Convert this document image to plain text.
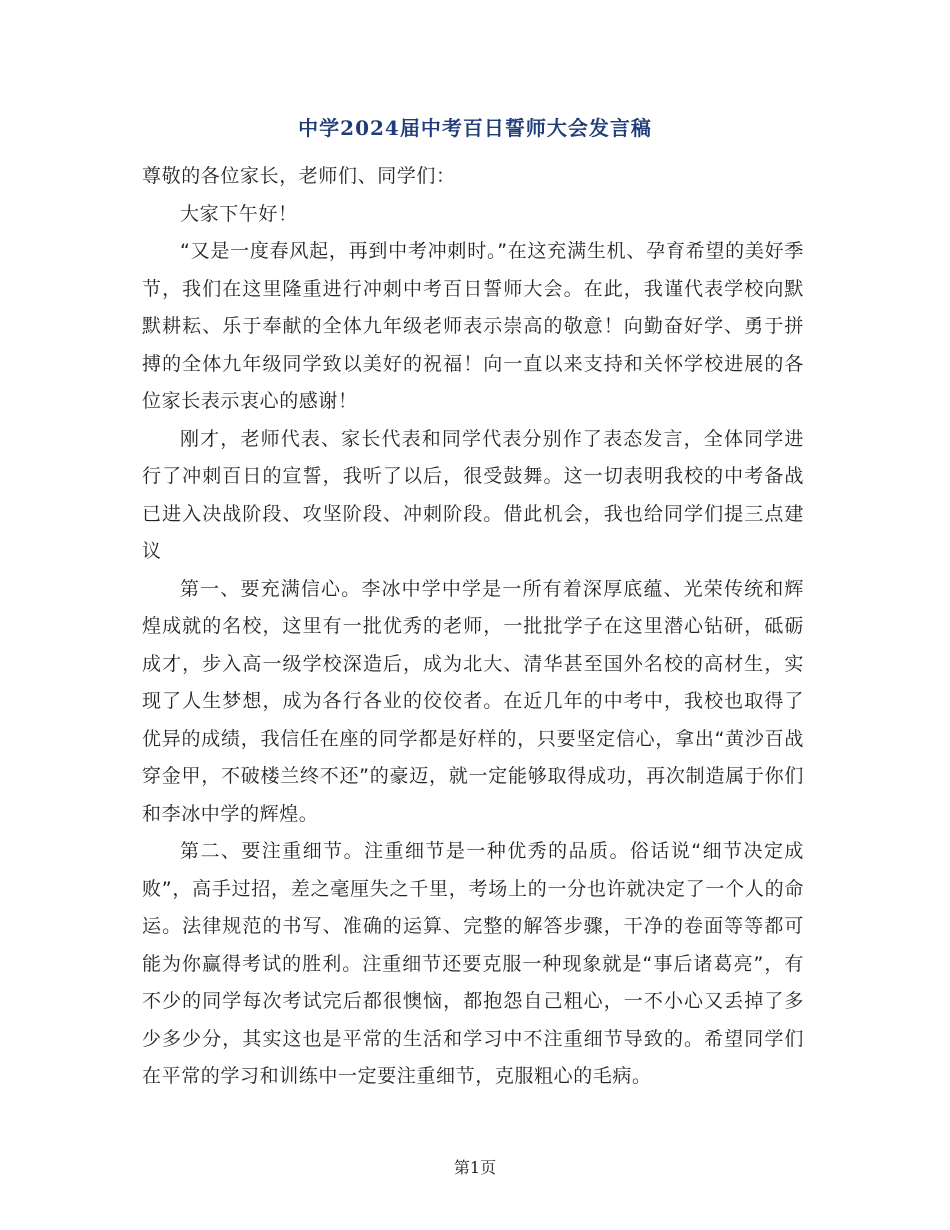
中学2024届中考百日誓师大会发言稿

尊敬的各位家长，老师们、同学们：

大家下午好！

“又是一度春风起，再到中考冲刺时。”在这充满生机、孕育希望的美好季节，我们在这里隆重进行冲刺中考百日誓师大会。在此，我谨代表学校向默默耕耘、乐于奉献的全体九年级老师表示崇高的敬意！向勤奋好学、勇于拼搏的全体九年级同学致以美好的祝福！向一直以来支持和关怀学校进展的各位家长表示衷心的感谢！

刚才，老师代表、家长代表和同学代表分别作了表态发言，全体同学进行了冲刺百日的宣誓，我听了以后，很受鼓舞。这一切表明我校的中考备战已进入决战阶段、攻坚阶段、冲刺阶段。借此机会，我也给同学们提三点建议

第一、要充满信心。李冰中学中学是一所有着深厚底蕴、光荣传统和辉煌成就的名校，这里有一批优秀的老师，一批批学子在这里潜心钻研，砥砺成才，步入高一级学校深造后，成为北大、清华甚至国外名校的高材生，实现了人生梦想，成为各行各业的佼佼者。在近几年的中考中，我校也取得了优异的成绩，我信任在座的同学都是好样的，只要坚定信心，拿出“黄沙百战穿金甲，不破楼兰终不还”的豪迈，就一定能够取得成功，再次制造属于你们和李冰中学的辉煌。

第二、要注重细节。注重细节是一种优秀的品质。俗话说“细节决定成败”，高手过招，差之毫厘失之千里，考场上的一分也许就决定了一个人的命运。法律规范的书写、准确的运算、完整的解答步骤，干净的卷面等等都可能为你赢得考试的胜利。注重细节还要克服一种现象就是“事后诸葛亮”，有不少的同学每次考试完后都很懊恼，都抱怨自己粗心，一不小心又丢掉了多少多少分，其实这也是平常的生活和学习中不注重细节导致的。希望同学们在平常的学习和训练中一定要注重细节，克服粗心的毛病。

第1页
